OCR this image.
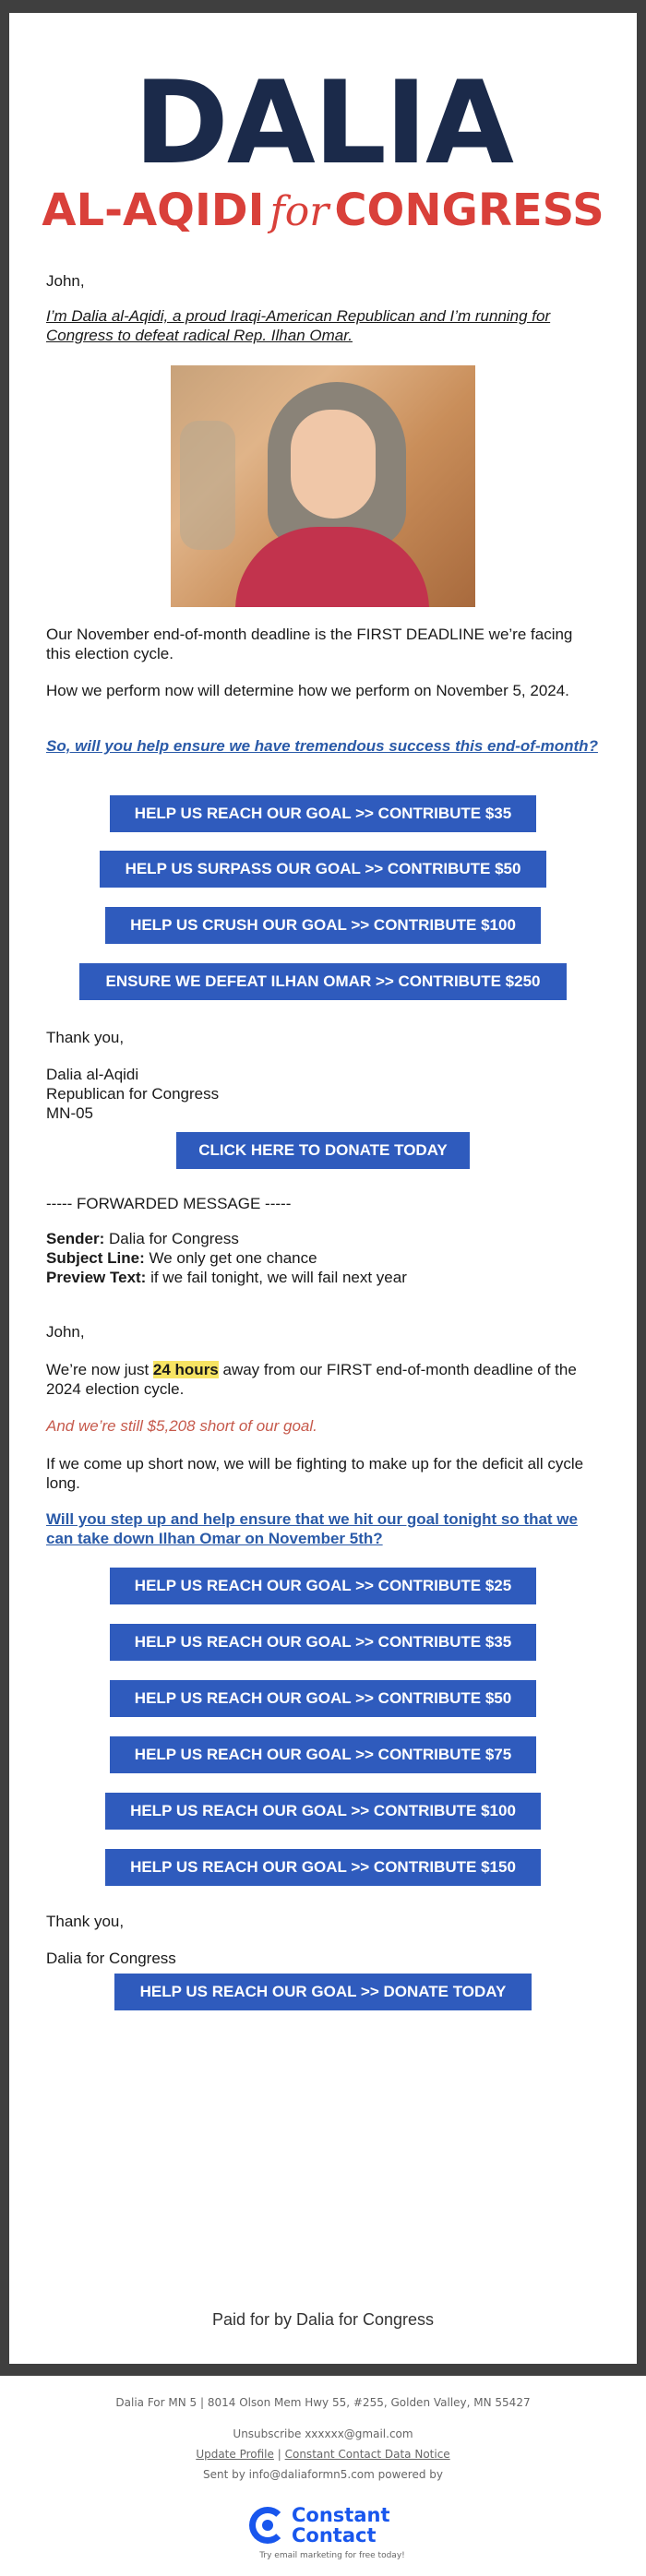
DALIA
AL-AQIDI for CONGRESS

John,

I’m Dalia al-Aqidi, a proud Iraqi-American Republican and I’m running for Congress to defeat radical Rep. Ilhan Omar.

Our November end-of-month deadline is the FIRST DEADLINE we’re facing this election cycle.

How we perform now will determine how we perform on November 5, 2024.

So, will you help ensure we have tremendous success this end-of-month?

HELP US REACH OUR GOAL >> CONTRIBUTE $35
HELP US SURPASS OUR GOAL >> CONTRIBUTE $50
HELP US CRUSH OUR GOAL >> CONTRIBUTE $100
ENSURE WE DEFEAT ILHAN OMAR >> CONTRIBUTE $250

Thank you,

Dalia al-Aqidi

Republican for Congress

MN-05

CLICK HERE TO DONATE TODAY

----- FORWARDED MESSAGE -----

Sender: Dalia for Congress

Subject Line: We only get one chance

Preview Text: if we fail tonight, we will fail next year

John,

We’re now just 24 hours away from our FIRST end-of-month deadline of the 2024 election cycle.

And we’re still $5,208 short of our goal.

If we come up short now, we will be fighting to make up for the deficit all cycle long.

Will you step up and help ensure that we hit our goal tonight so that we can take down Ilhan Omar on November 5th?

HELP US REACH OUR GOAL >> CONTRIBUTE $25
HELP US REACH OUR GOAL >> CONTRIBUTE $35
HELP US REACH OUR GOAL >> CONTRIBUTE $50
HELP US REACH OUR GOAL >> CONTRIBUTE $75
HELP US REACH OUR GOAL >> CONTRIBUTE $100
HELP US REACH OUR GOAL >> CONTRIBUTE $150

Thank you,

Dalia for Congress

HELP US REACH OUR GOAL >> DONATE TODAY
Paid for by Dalia for Congress
Dalia For MN 5 | 8014 Olson Mem Hwy 55, #255, Golden Valley, MN 55427
Unsubscribe xxxxxx@gmail.com
Update Profile | Constant Contact Data Notice
Sent by info@daliaformn5.com powered by
Constant
Contact
Try email marketing for free today!
